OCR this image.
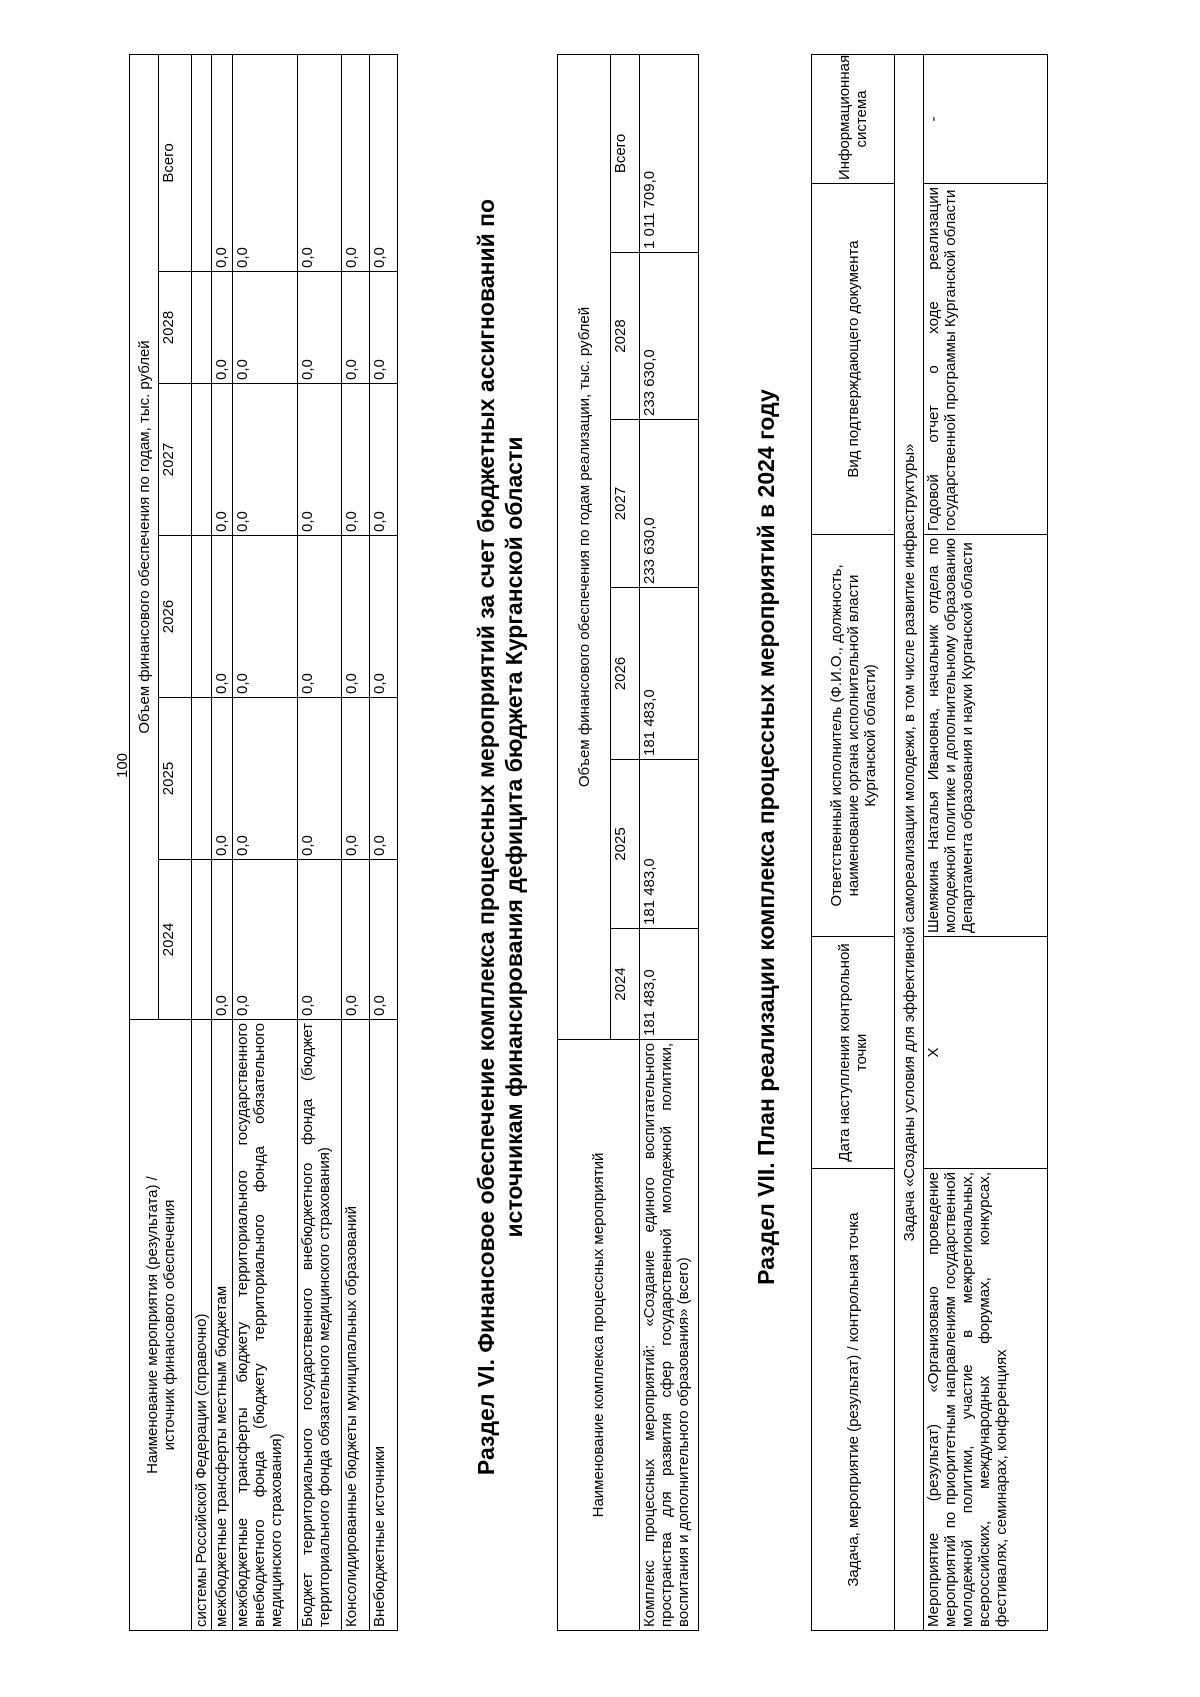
100
Наименование мероприятия (результата) / источник финансового обеспечения	Объем финансового обеспечения по годам, тыс. рублей					
	2024	2025	2026	2027	2028	Всего
системы Российской Федерации (справочно)						
межбюджетные трансферты местным бюджетам	0,0	0,0	0,0	0,0	0,0	0,0
межбюджетные трансферты бюджету территориального государственного внебюджетного фонда (бюджету территориального фонда обязательного медицинского страхования)	0,0	0,0	0,0	0,0	0,0	0,0
Бюджет территориального государственного внебюджетного фонда (бюджет территориального фонда обязательного медицинского страхования)	0,0	0,0	0,0	0,0	0,0	0,0
Консолидированные бюджеты муниципальных образований	0,0	0,0	0,0	0,0	0,0	0,0
Внебюджетные источники	0,0	0,0	0,0	0,0	0,0	0,0	Раздел VI. Финансовое обеспечение комплекса процессных мероприятий за счет бюджетных ассигнований по источникам финансирования дефицита бюджета Курганской области
Наименование комплекса процессных мероприятий	Объем финансового обеспечения по годам реализации, тыс. рублей					
	2024	2025	2026	2027	2028	Всего
Комплекс процессных мероприятий: «Создание единого воспитательного пространства для развития сфер государственной молодежной политики, воспитания и дополнительного образования» (всего)	181 483,0	181 483,0	181 483,0	233 630,0	233 630,0	1 011 709,0
Раздел VII. План реализации комплекса процессных мероприятий в 2024 году
Задача, мероприятие (результат) / контрольная точка	Дата наступления контрольной точки	Ответственный исполнитель (Ф.И.О., должность, наименование органа исполнительной власти Курганской области)	Вид подтверждающего документа	Информационная система
Задача «Созданы условия для эффективной самореализации молодежи, в том числе развитие инфраструктуры»				
Мероприятие (результат) «Организовано проведение мероприятий по приоритетным направлениям государственной молодежной политики, участие в межрегиональных, всероссийских, международных форумах, конкурсах, фестивалях, семинарах, конференциях	X	Шемякина Наталья Ивановна, начальник отдела по молодежной политике и дополнительному образованию Департамента образования и науки Курганской области	Годовой отчет о ходе реализации государственной программы Курганской области	-
